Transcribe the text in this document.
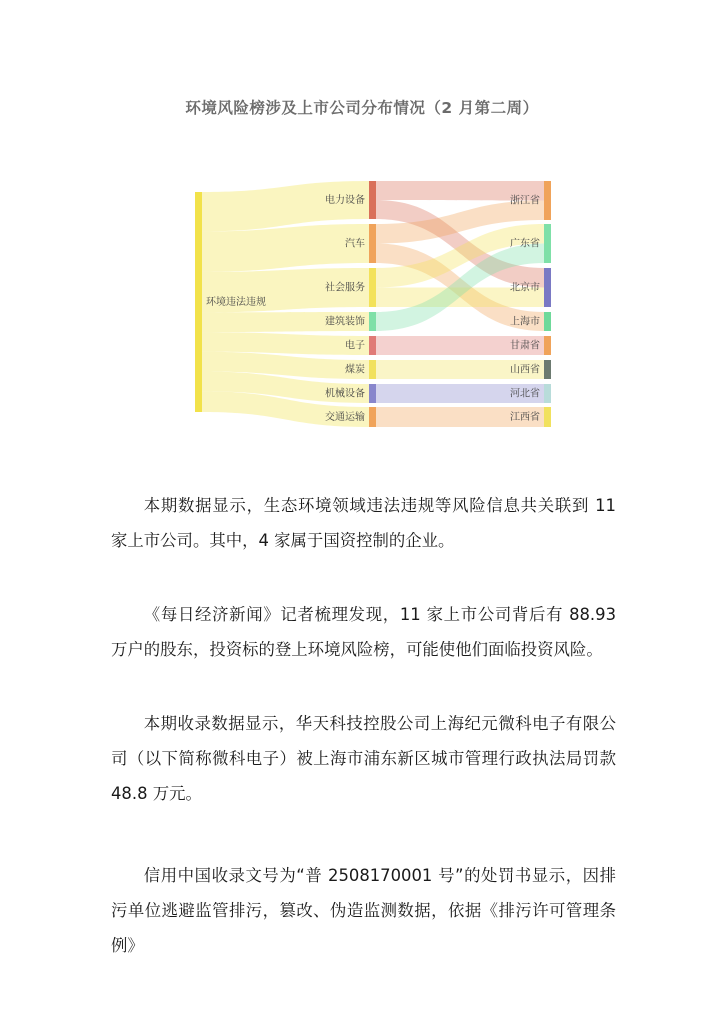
环境风险榜涉及上市公司分布情况（2 月第二周）
环境违法违规
电力设备
汽车
社会服务
建筑装饰
电子
煤炭
机械设备
交通运输
浙江省
广东省
北京市
上海市
甘肃省
山西省
河北省
江西省

本期数据显示，生态环境领域违法违规等风险信息共关联到 11 家上市公司。其中，4 家属于国资控制的企业。

《每日经济新闻》记者梳理发现，11 家上市公司背后有 88.93 万户的股东，投资标的登上环境风险榜，可能使他们面临投资风险。

本期收录数据显示，华天科技控股公司上海纪元微科电子有限公司（以下简称微科电子）被上海市浦东新区城市管理行政执法局罚款 48.8 万元。

信用中国收录文号为“普 2508170001 号”的处罚书显示，因排污单位逃避监管排污，篡改、伪造监测数据，依据《排污许可管理条例》
